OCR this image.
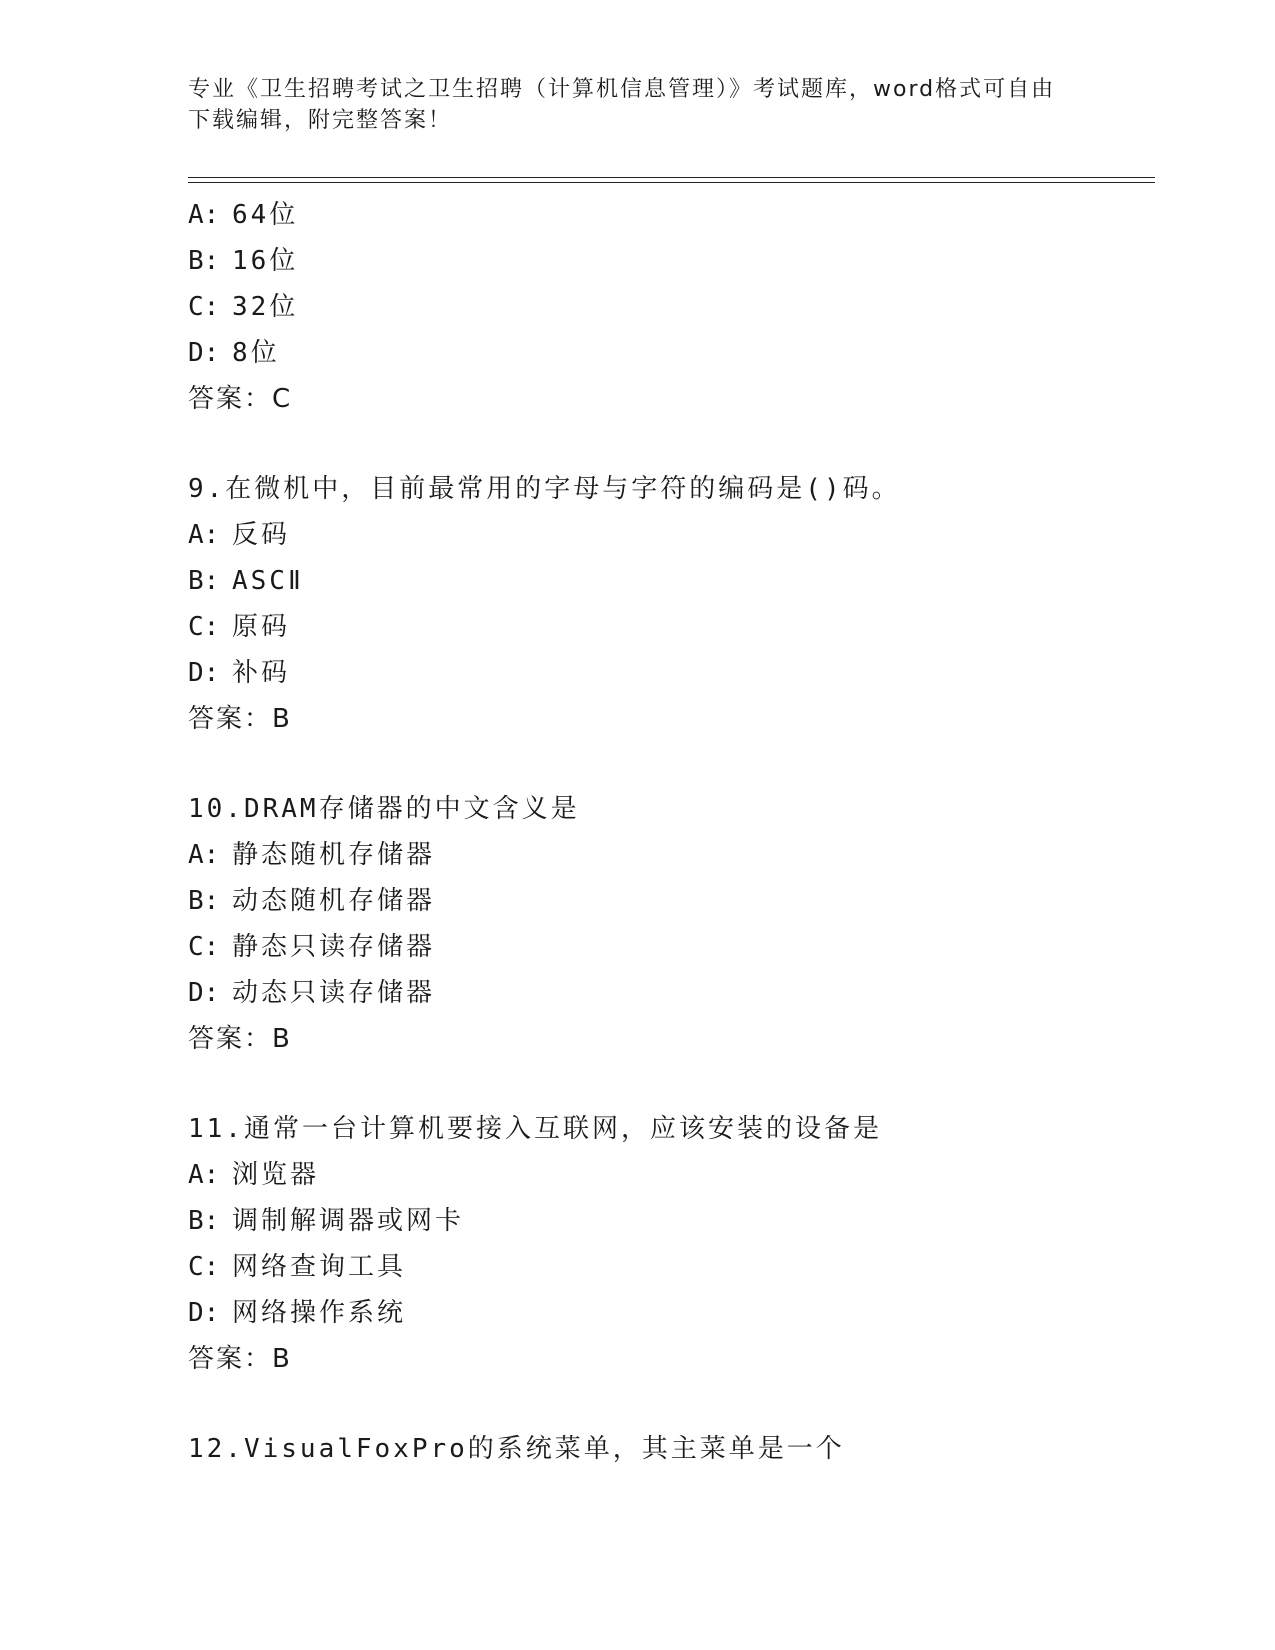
专业《卫生招聘考试之卫生招聘（计算机信息管理）》考试题库，word格式可自由下载编辑，附完整答案！
A: 64位
B: 16位
C: 32位
D: 8位
答案：C
9.在微机中，目前最常用的字母与字符的编码是()码。
A: 反码
B: ASCⅡ
C: 原码
D: 补码
答案：B
10.DRAM存储器的中文含义是
A: 静态随机存储器
B: 动态随机存储器
C: 静态只读存储器
D: 动态只读存储器
答案：B
11.通常一台计算机要接入互联网，应该安装的设备是
A: 浏览器
B: 调制解调器或网卡
C: 网络查询工具
D: 网络操作系统
答案：B
12.VisualFoxPro的系统菜单，其主菜单是一个
